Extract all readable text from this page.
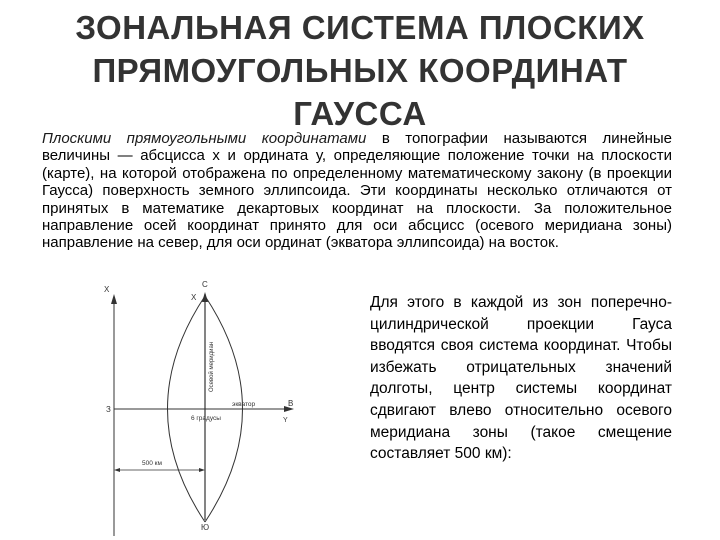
ЗОНАЛЬНАЯ СИСТЕМА ПЛОСКИХ
ПРЯМОУГОЛЬНЫХ КООРДИНАТ
ГАУССА
Плоскими прямоугольными координатами в топографии называются линейные величины — абсцисса х и ордината у, определяющие положение точки на плоскости (карте), на которой отображена по определенному математическому закону (в проекции Гаусса) поверхность земного эллипсоида. Эти координаты несколько отличаются от принятых в математике декартовых координат на плоскости. За положительное направление осей координат принято для оси абсцисс (осевого меридиана зоны) направление на север, для оси ординат (экватора эллипсоида) на восток.
X
X
С
Осевой меридиан
З
экватор	В
Y
6 градусы
500 км
Ю
Для этого в каждой из зон поперечно-цилиндрической проекции Гауса вводятся своя система координат. Чтобы избежать отрицательных значений долготы, центр системы координат сдвигают влево относительно осевого меридиана зоны (такое смещение составляет 500 км):
